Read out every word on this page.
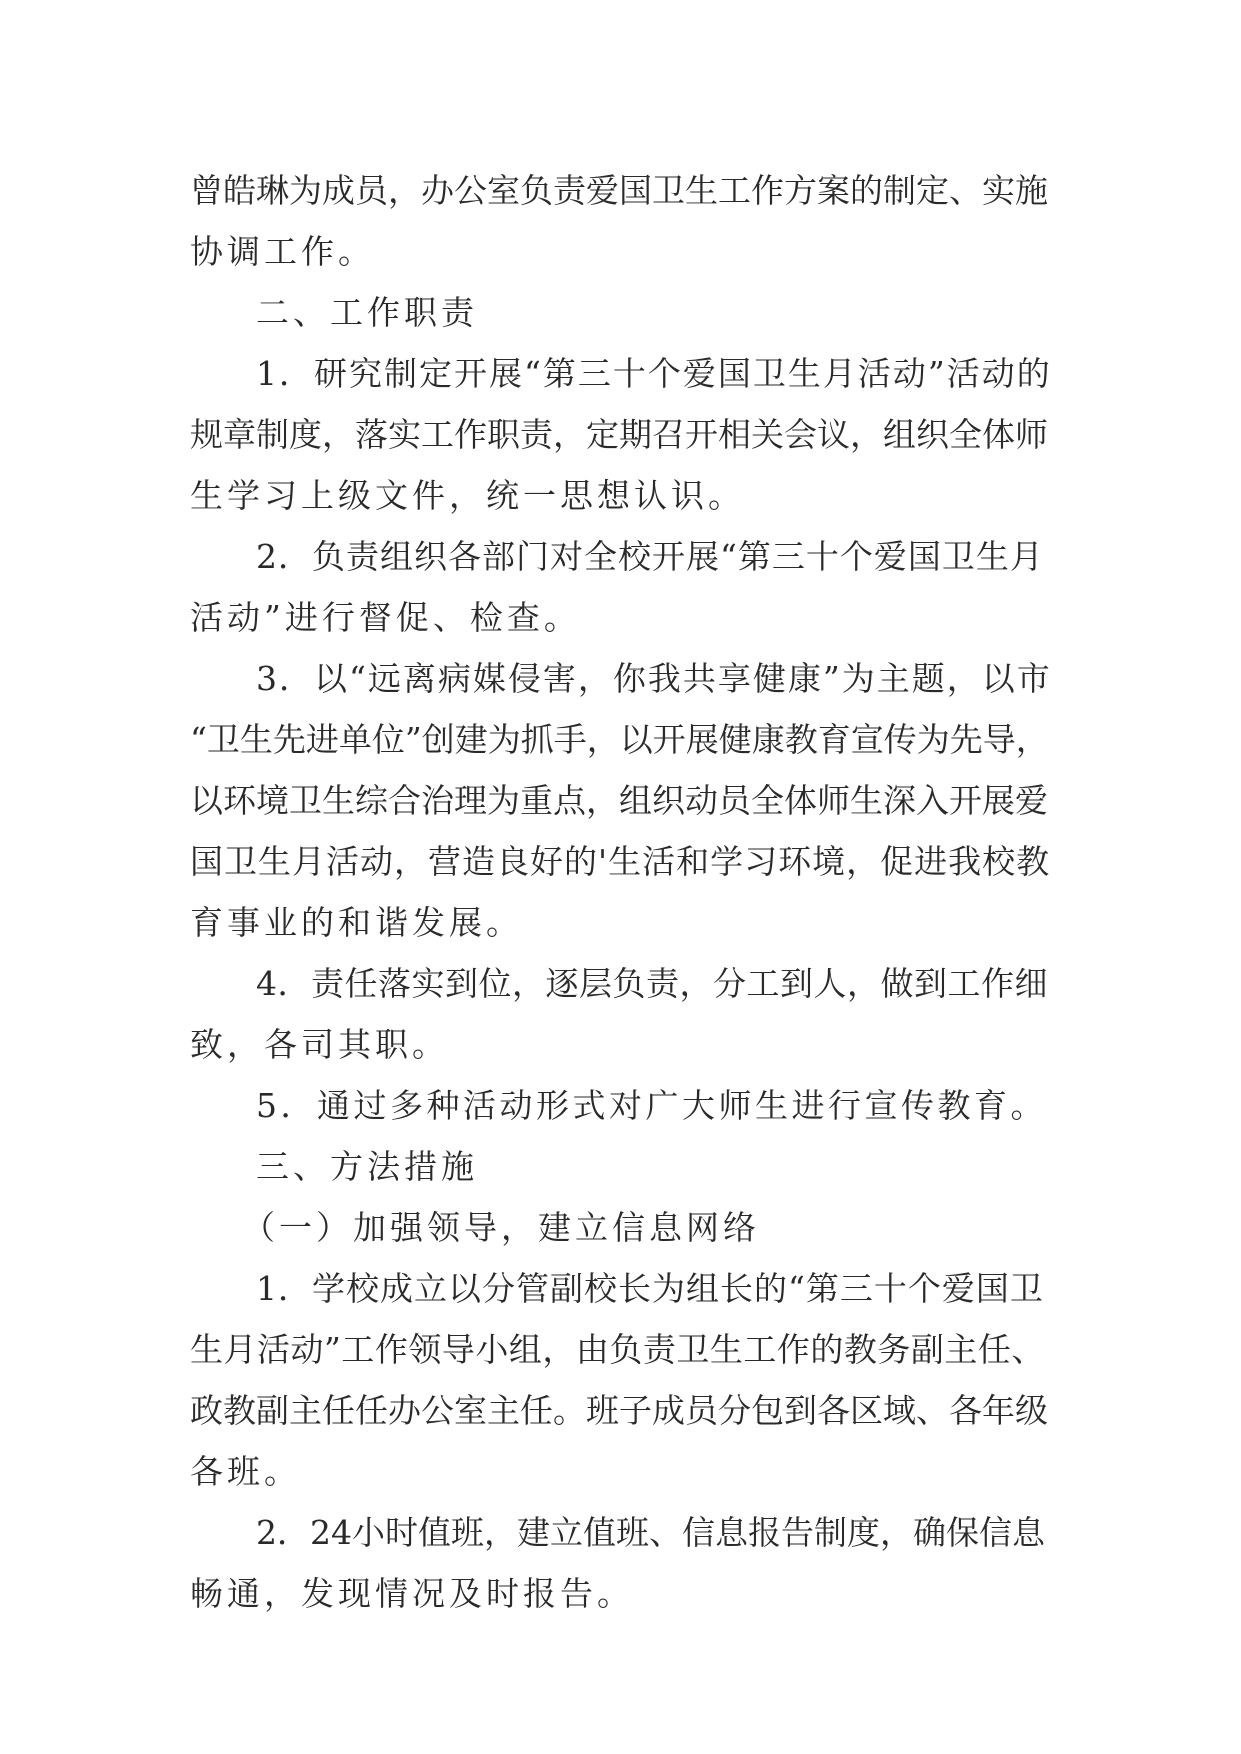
曾皓琳为成员，办公室负责爱国卫生工作方案的制定、实施
协调工作。
二、工作职责
1．研究制定开展“第三十个爱国卫生月活动”活动的
规章制度，落实工作职责，定期召开相关会议，组织全体师
生学习上级文件，统一思想认识。
2．负责组织各部门对全校开展“第三十个爱国卫生月
活动”进行督促、检查。
3．以“远离病媒侵害，你我共享健康”为主题，以市
“卫生先进单位”创建为抓手，以开展健康教育宣传为先导，
以环境卫生综合治理为重点，组织动员全体师生深入开展爱
国卫生月活动，营造良好的'生活和学习环境，促进我校教
育事业的和谐发展。
4．责任落实到位，逐层负责，分工到人，做到工作细
致，各司其职。
5．通过多种活动形式对广大师生进行宣传教育。
三、方法措施
（一）加强领导，建立信息网络
1．学校成立以分管副校长为组长的“第三十个爱国卫
生月活动”工作领导小组，由负责卫生工作的教务副主任、
政教副主任任办公室主任。班子成员分包到各区域、各年级
各班。
2．24小时值班，建立值班、信息报告制度，确保信息
畅通，发现情况及时报告。
